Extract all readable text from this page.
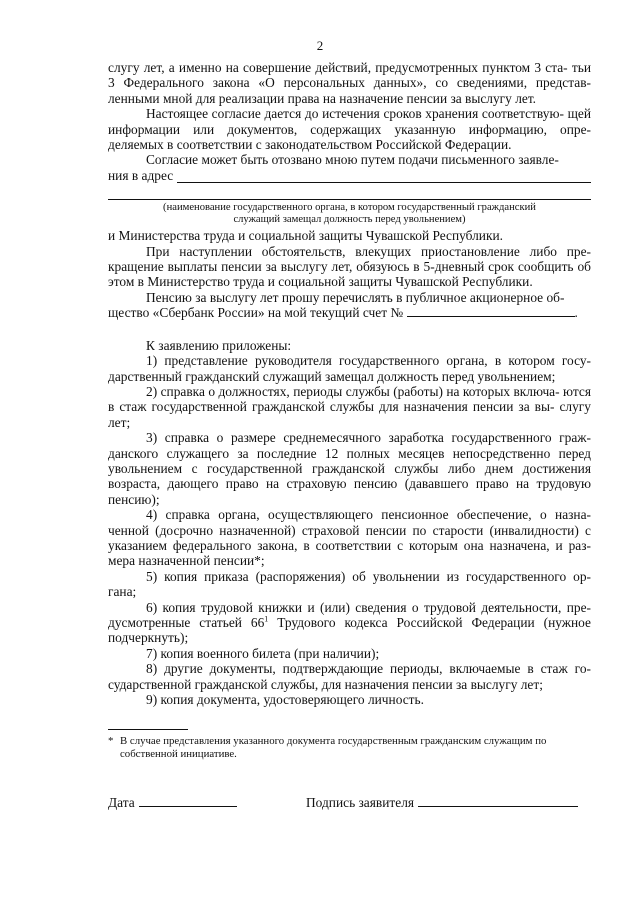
2

слугу лет, а именно на совершение действий, предусмотренных пунктом 3 ста- тьи 3 Федерального закона «О персональных данных», со сведениями, представ- ленными мной для реализации права на назначение пенсии за выслугу лет.

Настоящее согласие дается до истечения сроков хранения соответствую- щей информации или документов, содержащих указанную информацию, опре- деляемых в соответствии с законодательством Российской Федерации.

Согласие может быть отозвано мною путем подачи письменного заявле-

ния в адрес
(наименование государственного органа, в котором государственный гражданский
служащий замещал должность перед увольнением)

и Министерства труда и социальной защиты Чувашской Республики.

При наступлении обстоятельств, влекущих приостановление либо пре- кращение выплаты пенсии за выслугу лет, обязуюсь в 5-дневный срок сообщить об этом в Министерство труда и социальной защиты Чувашской Республики.

Пенсию за выслугу лет прошу перечислять в публичное акционерное об-

щество «Сбербанк России» на мой текущий счет №	.

К заявлению приложены:

1) представление руководителя государственного органа, в котором госу- дарственный гражданский служащий замещал должность перед увольнением;

2) справка о должностях, периоды службы (работы) на которых включа- ются в стаж государственной гражданской службы для назначения пенсии за вы- слугу лет;

3) справка о размере среднемесячного заработка государственного граж- данского служащего за последние 12 полных месяцев непосредственно перед увольнением с государственной гражданской службы либо днем достижения возраста, дающего право на страховую пенсию (дававшего право на трудовую пенсию);

4) справка органа, осуществляющего пенсионное обеспечение, о назна- ченной (досрочно назначенной) страховой пенсии по старости (инвалидности) с указанием федерального закона, в соответствии с которым она назначена, и раз- мера назначенной пенсии*;

5) копия приказа (распоряжения) об увольнении из государственного ор- гана;

6) копия трудовой книжки и (или) сведения о трудовой деятельности, пре- дусмотренные статьей $66^1$ Трудового кодекса Российской Федерации (нужное подчеркнуть);

7) копия военного билета (при наличии);

8) другие документы, подтверждающие периоды, включаемые в стаж го- сударственной гражданской службы, для назначения пенсии за выслугу лет;

9) копия документа, удостоверяющего личность.

* В случае представления указанного документа государственным гражданским служащим по
собственной инициативе.
Дата	Подпись заявителя
